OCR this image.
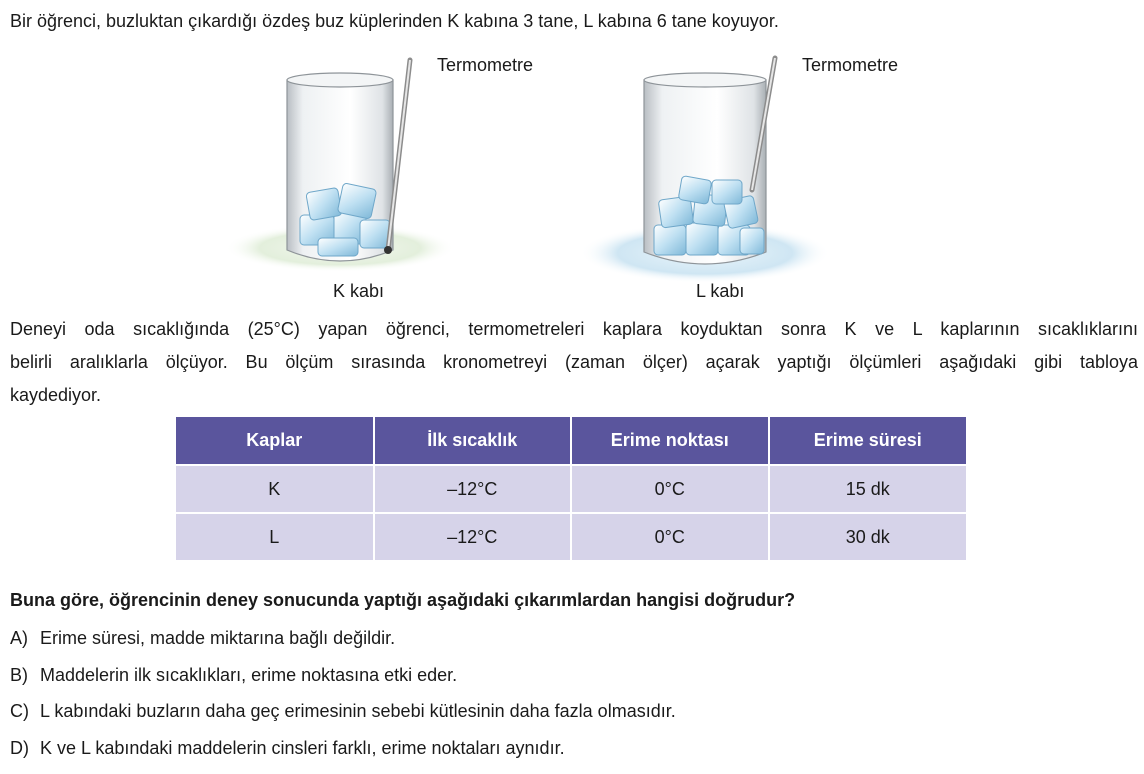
Bir öğrenci, buzluktan çıkardığı özdeş buz küplerinden K kabına 3 tane, L kabına 6 tane koyuyor.
Termometre	Termometre
K kabı	L kabı
Deneyi oda sıcaklığında (25°C) yapan öğrenci, termometreleri kaplara koyduktan sonra K ve L kaplarının sıcaklıklarını
belirli aralıklarla ölçüyor. Bu ölçüm sırasında kronometreyi (zaman ölçer) açarak yaptığı ölçümleri aşağıdaki gibi tabloya
kaydediyor.
Kaplar	İlk sıcaklık	Erime noktası	Erime süresi
K	–12°C	0°C	15 dk
L	–12°C	0°C	30 dk
Buna göre, öğrencinin deney sonucunda yaptığı aşağıdaki çıkarımlardan hangisi doğrudur?
A) Erime süresi, madde miktarına bağlı değildir.
B) Maddelerin ilk sıcaklıkları, erime noktasına etki eder.
C) L kabındaki buzların daha geç erimesinin sebebi kütlesinin daha fazla olmasıdır.
D) K ve L kabındaki maddelerin cinsleri farklı, erime noktaları aynıdır.
